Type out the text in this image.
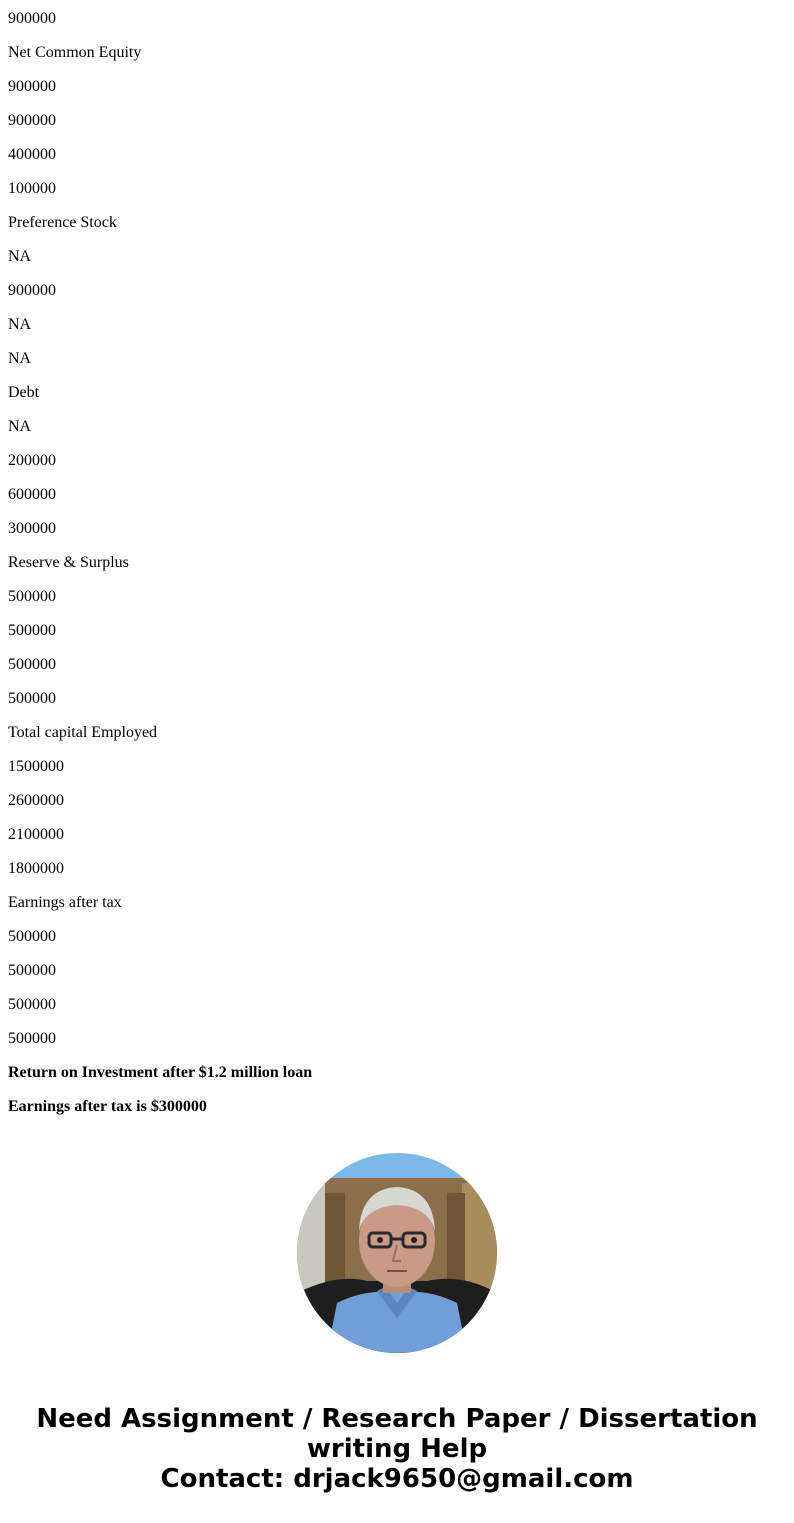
900000

Net Common Equity

900000

900000

400000

100000

Preference Stock

NA

900000

NA

NA

Debt

NA

200000

600000

300000

Reserve & Surplus

500000

500000

500000

500000

Total capital Employed

1500000

2600000

2100000

1800000

Earnings after tax

500000

500000

500000

500000

Return on Investment after $1.2 million loan

Earnings after tax is $300000

Need Assignment / Research Paper / Dissertation
writing Help
Contact: drjack9650@gmail.com
